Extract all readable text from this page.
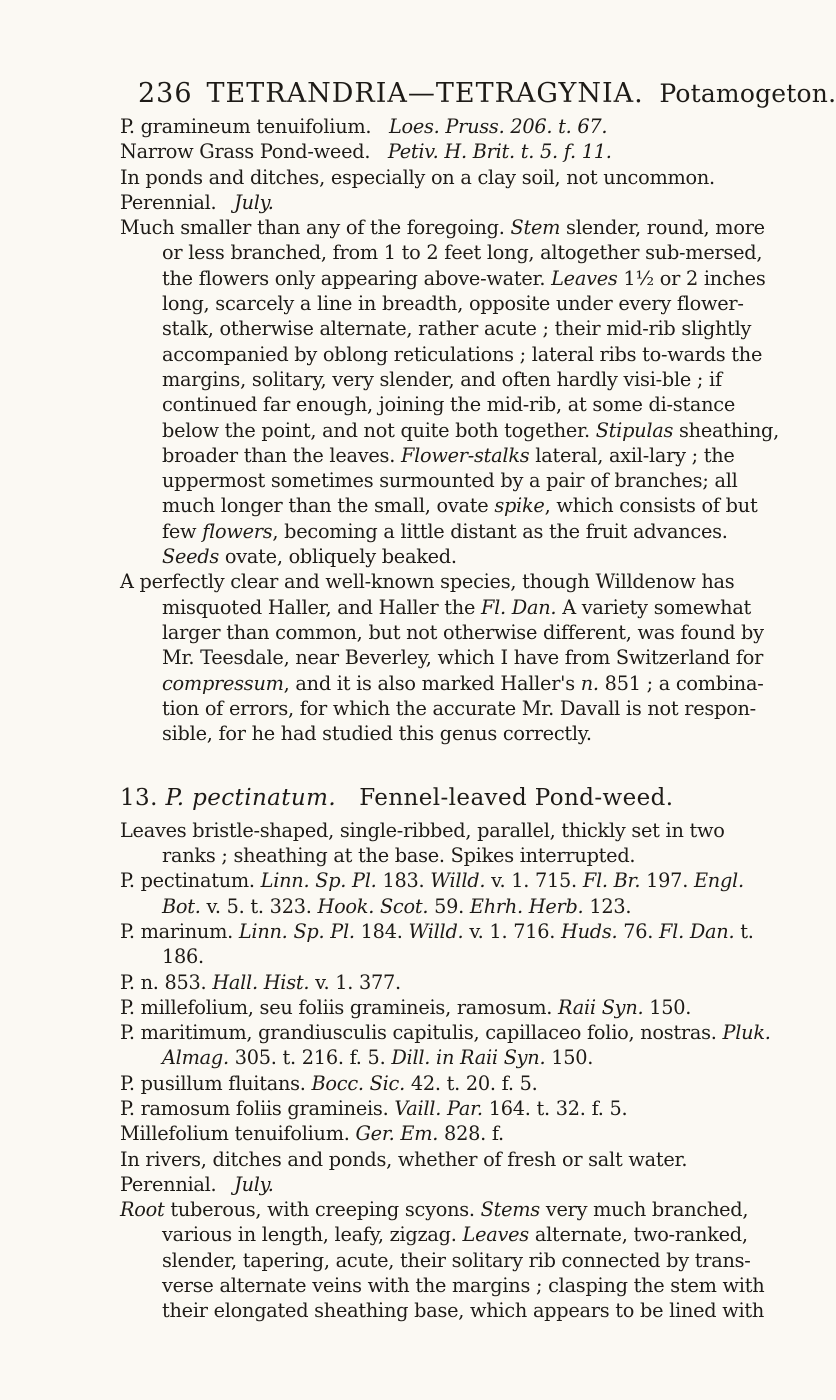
236 TETRANDRIA—TETRAGYNIA. Potamogeton.

P. gramineum tenuifolium. Loes. Pruss. 206. t. 67.

Narrow Grass Pond-weed. Petiv. H. Brit. t. 5. f. 11.

In ponds and ditches, especially on a clay soil, not uncommon.

Perennial. July.

Much smaller than any of the foregoing. Stem slender, round, more or less branched, from 1 to 2 feet long, altogether sub-mersed, the flowers only appearing above-water. Leaves 1½ or 2 inches long, scarcely a line in breadth, opposite under every flower-stalk, otherwise alternate, rather acute ; their mid-rib slightly accompanied by oblong reticulations ; lateral ribs to-wards the margins, solitary, very slender, and often hardly visi-ble ; if continued far enough, joining the mid-rib, at some di-stance below the point, and not quite both together. Stipulas sheathing, broader than the leaves. Flower-stalks lateral, axil-lary ; the uppermost sometimes surmounted by a pair of branches; all much longer than the small, ovate spike, which consists of but few flowers, becoming a little distant as the fruit advances. Seeds ovate, obliquely beaked.

A perfectly clear and well-known species, though Willdenow has misquoted Haller, and Haller the Fl. Dan. A variety somewhat larger than common, but not otherwise different, was found by Mr. Teesdale, near Beverley, which I have from Switzerland for compressum, and it is also marked Haller's n. 851 ; a combina-tion of errors, for which the accurate Mr. Davall is not respon-sible, for he had studied this genus correctly.

13. P. pectinatum. Fennel-leaved Pond-weed.

Leaves bristle-shaped, single-ribbed, parallel, thickly set in two ranks ; sheathing at the base. Spikes interrupted.

P. pectinatum. Linn. Sp. Pl. 183. Willd. v. 1. 715. Fl. Br. 197. Engl. Bot. v. 5. t. 323. Hook. Scot. 59. Ehrh. Herb. 123.

P. marinum. Linn. Sp. Pl. 184. Willd. v. 1. 716. Huds. 76. Fl. Dan. t. 186.

P. n. 853. Hall. Hist. v. 1. 377.

P. millefolium, seu foliis gramineis, ramosum. Raii Syn. 150.

P. maritimum, grandiusculis capitulis, capillaceo folio, nostras. Pluk. Almag. 305. t. 216. f. 5. Dill. in Raii Syn. 150.

P. pusillum fluitans. Bocc. Sic. 42. t. 20. f. 5.

P. ramosum foliis gramineis. Vaill. Par. 164. t. 32. f. 5.

Millefolium tenuifolium. Ger. Em. 828. f.

In rivers, ditches and ponds, whether of fresh or salt water.

Perennial. July.

Root tuberous, with creeping scyons. Stems very much branched, various in length, leafy, zigzag. Leaves alternate, two-ranked, slender, tapering, acute, their solitary rib connected by trans-verse alternate veins with the margins ; clasping the stem with their elongated sheathing base, which appears to be lined with
